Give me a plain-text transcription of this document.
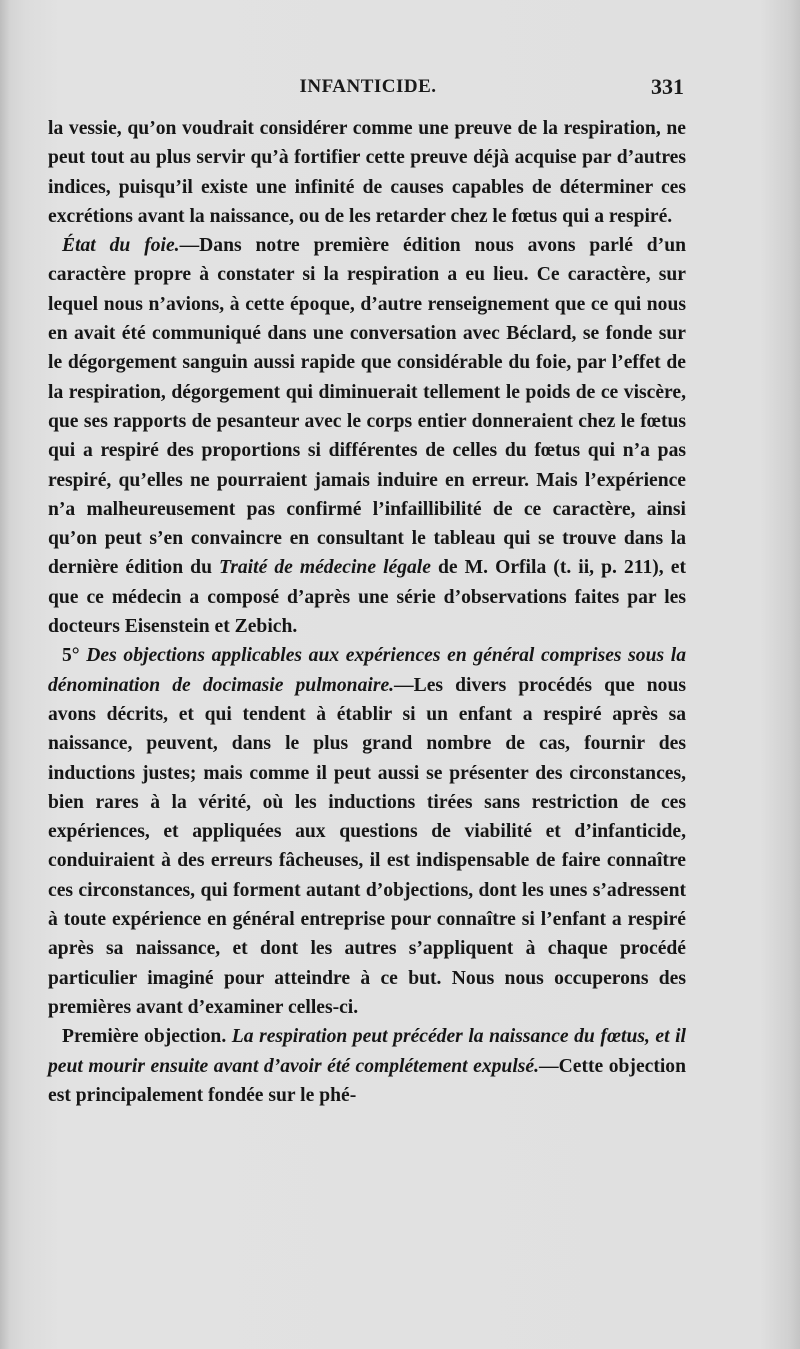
INFANTICIDE.	331

la vessie, qu’on voudrait considérer comme une preuve de la respiration, ne peut tout au plus servir qu’à fortifier cette preuve déjà acquise par d’autres indices, puisqu’il existe une infinité de causes capables de déterminer ces excrétions avant la naissance, ou de les retarder chez le fœtus qui a respiré.

État du foie.—Dans notre première édition nous avons parlé d’un caractère propre à constater si la respiration a eu lieu. Ce caractère, sur lequel nous n’avions, à cette époque, d’autre renseignement que ce qui nous en avait été communiqué dans une conversation avec Béclard, se fonde sur le dégorgement sanguin aussi rapide que considérable du foie, par l’effet de la respiration, dégorgement qui diminuerait tellement le poids de ce viscère, que ses rapports de pesanteur avec le corps entier donneraient chez le fœtus qui a respiré des proportions si différentes de celles du fœtus qui n’a pas respiré, qu’elles ne pourraient jamais induire en erreur. Mais l’expérience n’a malheureusement pas confirmé l’infaillibilité de ce caractère, ainsi qu’on peut s’en convaincre en consultant le tableau qui se trouve dans la dernière édition du Traité de médecine légale de M. Orfila (t. ii, p. 211), et que ce médecin a composé d’après une série d’observations faites par les docteurs Eisenstein et Zebich.

5° Des objections applicables aux expériences en général comprises sous la dénomination de docimasie pulmonaire.—Les divers procédés que nous avons décrits, et qui tendent à établir si un enfant a respiré après sa naissance, peuvent, dans le plus grand nombre de cas, fournir des inductions justes; mais comme il peut aussi se présenter des circonstances, bien rares à la vérité, où les inductions tirées sans restriction de ces expériences, et appliquées aux questions de viabilité et d’infanticide, conduiraient à des erreurs fâcheuses, il est indispensable de faire connaître ces circonstances, qui forment autant d’objections, dont les unes s’adressent à toute expérience en général entreprise pour connaître si l’enfant a respiré après sa naissance, et dont les autres s’appliquent à chaque procédé particulier imaginé pour atteindre à ce but. Nous nous occuperons des premières avant d’examiner celles-ci.

Première objection. La respiration peut précéder la naissance du fœtus, et il peut mourir ensuite avant d’avoir été complétement expulsé.—Cette objection est principalement fondée sur le phé-
